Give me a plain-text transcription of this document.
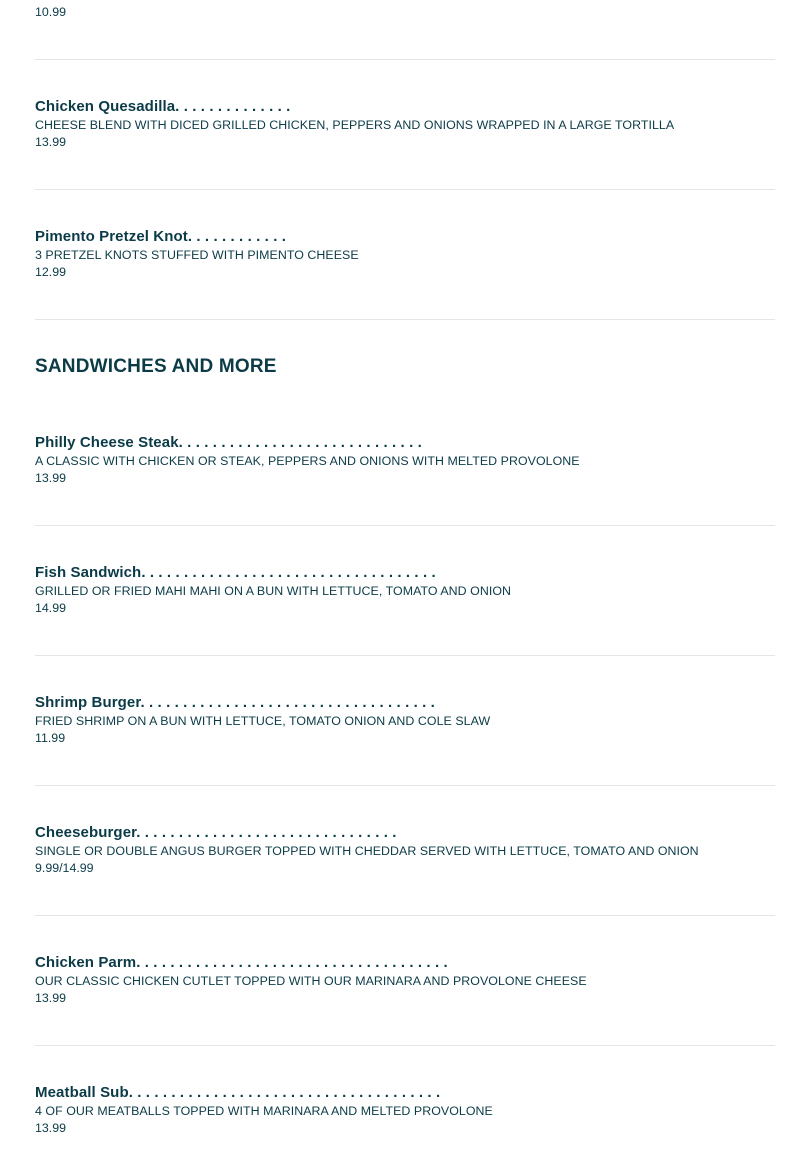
10.99
Chicken Quesadilla. . . . . . . . . . . . . .
CHEESE BLEND WITH DICED GRILLED CHICKEN, PEPPERS AND ONIONS WRAPPED IN A LARGE TORTILLA
13.99
Pimento Pretzel Knot. . . . . . . . . . . .
3 PRETZEL KNOTS STUFFED WITH PIMENTO CHEESE
12.99
SANDWICHES AND MORE
Philly Cheese Steak. . . . . . . . . . . . . . . . . . . . . . . . . . . . .
A CLASSIC WITH CHICKEN OR STEAK, PEPPERS AND ONIONS WITH MELTED PROVOLONE
13.99
Fish Sandwich. . . . . . . . . . . . . . . . . . . . . . . . . . . . . . . . . . .
GRILLED OR FRIED MAHI MAHI ON A BUN WITH LETTUCE, TOMATO AND ONION
14.99
Shrimp Burger. . . . . . . . . . . . . . . . . . . . . . . . . . . . . . . . . . .
FRIED SHRIMP ON A BUN WITH LETTUCE, TOMATO ONION AND COLE SLAW
11.99
Cheeseburger. . . . . . . . . . . . . . . . . . . . . . . . . . . . . . .
SINGLE OR DOUBLE ANGUS BURGER TOPPED WITH CHEDDAR SERVED WITH LETTUCE, TOMATO AND ONION
9.99/14.99
Chicken Parm. . . . . . . . . . . . . . . . . . . . . . . . . . . . . . . . . . . . .
OUR CLASSIC CHICKEN CUTLET TOPPED WITH OUR MARINARA AND PROVOLONE CHEESE
13.99
Meatball Sub. . . . . . . . . . . . . . . . . . . . . . . . . . . . . . . . . . . . .
4 OF OUR MEATBALLS TOPPED WITH MARINARA AND MELTED PROVOLONE
13.99
